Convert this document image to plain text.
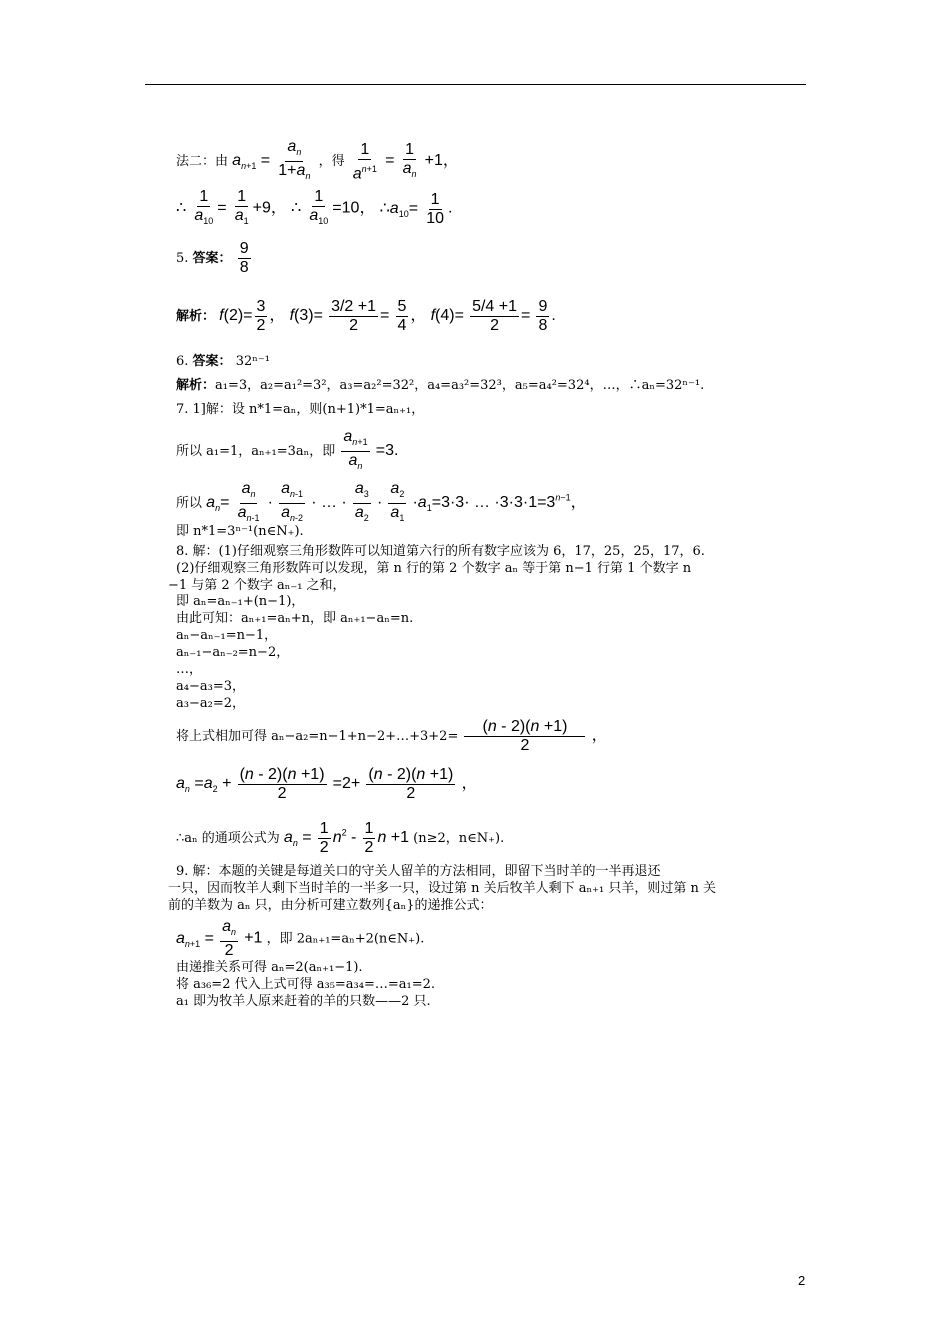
法二：由 $a_{n+1} = \frac{a_n}{1+a_n}$ ，得 $\frac{1}{a^{n+1}} = \frac{1}{a_n} +1$，
∴ $\frac{1}{a_{10}} = \frac{1}{a_1} +9$， ∴ $\frac{1}{a_{10}} =10$， $\therefore a_{10}= \frac{1}{10}$ .
5. 答案： $\frac{9}{8}$
解析： $f(2)= \frac{3}{2}$ ， $f(3)= \frac{3/2 +1}{2} = \frac{5}{4}$ ， $f(4)= \frac{5/4 +1}{2} = \frac{9}{8}$ .
6. 答案： 32ⁿ⁻¹
解析：a₁=3，a₂=a₁²=3²，a₃=a₂²=32²，a₄=a₃²=32³，a₅=a₄²=32⁴，…，∴aₙ=32ⁿ⁻¹.
7. 1]解：设 n*1=aₙ，则(n+1)*1=aₙ₊₁，
所以 a₁=1，aₙ₊₁=3aₙ，即 $\frac{a_{n+1}}{a_n} =3$.
所以 $a_n= \frac{a_n}{a_{n-1}} \cdot \frac{a_{n-1}}{a_{n-2}}$ · … · $\frac{a_3}{a_2} \cdot \frac{a_2}{a_1} \cdot a_1=3\cdot 3\cdot$ … $\cdot 3\cdot 3\cdot 1=3^{n-1}$，
即 n*1=3ⁿ⁻¹(n∈N₊).
8. 解：(1)仔细观察三角形数阵可以知道第六行的所有数字应该为 6，17，25，25，17，6.
(2)仔细观察三角形数阵可以发现，第 n 行的第 2 个数字 aₙ 等于第 n−1 行第 1 个数字 n
−1 与第 2 个数字 aₙ₋₁ 之和，
即 aₙ=aₙ₋₁+(n−1)，
由此可知：aₙ₊₁=aₙ+n，即 aₙ₊₁−aₙ=n.
aₙ−aₙ₋₁=n−1，
aₙ₋₁−aₙ₋₂=n−2，
…，
a₄−a₃=3，
a₃−a₂=2，
将上式相加可得 aₙ−a₂=n−1+n−2+…+3+2= $\frac{(n - 2)(n +1)}{2}$ ，
$a_n =a_2 + \frac{(n - 2)(n +1)}{2} =2+ \frac{(n - 2)(n +1)}{2}$ ，
∴aₙ 的通项公式为 $a_n = \frac{1}{2} n^2 - \frac{1}{2}$ n +1 (n≥2，n∈N₊).
9. 解：本题的关键是每道关口的守关人留羊的方法相同，即留下当时羊的一半再退还
一只，因而牧羊人剩下当时羊的一半多一只，设过第 n 关后牧羊人剩下 aₙ₊₁ 只羊，则过第 n 关
前的羊数为 aₙ 只，由分析可建立数列{aₙ}的递推公式：
$a_{n+1} = \frac{a_n}{2} +1$ ，即 2aₙ₊₁=aₙ+2(n∈N₊).
由递推关系可得 aₙ=2(aₙ₊₁−1).
将 a₃₆=2 代入上式可得 a₃₅=a₃₄=…=a₁=2.
a₁ 即为牧羊人原来赶着的羊的只数——2 只.
2
